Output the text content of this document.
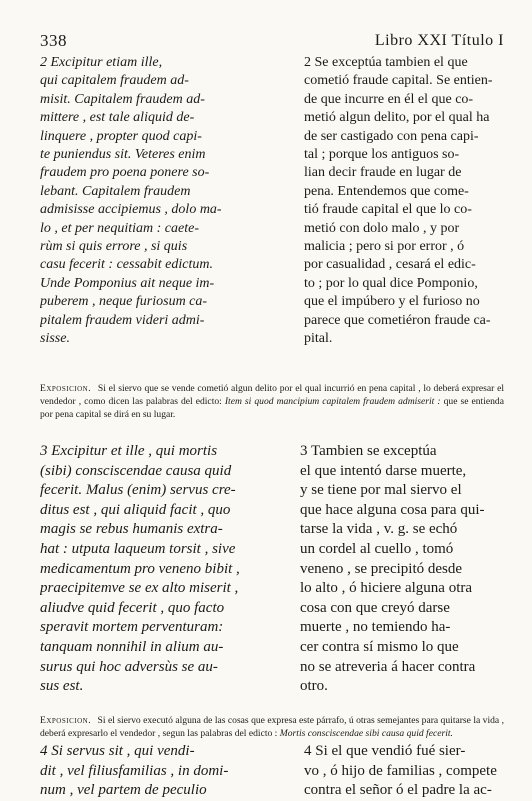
338	Libro XXI Título I

2 Excipitur etiam ille,
qui capitalem fraudem ad-
misit. Capitalem fraudem ad-
mittere , est tale aliquid de-
linquere , propter quod capi-
te puniendus sit. Veteres enim
fraudem pro poena ponere so-
lebant. Capitalem fraudem
admisisse accipiemus , dolo ma-
lo , et per nequitiam : caete-
rùm si quis errore , si quis
casu fecerit : cessabit edictum.
Unde Pomponius ait neque im-
puberem , neque furiosum ca-
pitalem fraudem videri admi-
sisse.

2 Se exceptúa tambien el que
cometió fraude capital. Se entien-
de que incurre en él el que co-
metió algun delito, por el qual ha
de ser castigado con pena capi-
tal ; porque los antiguos so-
lian decir fraude en lugar de
pena. Entendemos que come-
tió fraude capital el que lo co-
metió con dolo malo , y por
malicia ; pero si por error , ó
por casualidad , cesará el edic-
to ; por lo qual dice Pomponio,
que el impúbero y el furioso no
parece que cometiéron fraude ca-
pital.

Exposicion. Si el siervo que se vende cometió algun delito por el qual incurrió en pena capital , lo deberá expresar el vendedor , como dicen las palabras del edicto: Item si quod mancipium capitalem fraudem admiserit : que se entienda por pena capital se dirá en su lugar.

3 Excipitur et ille , qui mortis
(sibi) consciscendae causa quid
fecerit. Malus (enim) servus cre-
ditus est , qui aliquid facit , quo
magis se rebus humanis extra-
hat : utputa laqueum torsit , sive
medicamentum pro veneno bibit ,
praecipitemve se ex alto miserit ,
aliudve quid fecerit , quo facto
speravit mortem perventuram:
tanquam nonnihil in alium au-
surus qui hoc adversùs se au-
sus est.

3 Tambien se exceptúa
el que intentó darse muerte,
y se tiene por mal siervo el
que hace alguna cosa para qui-
tarse la vida , v. g. se echó
un cordel al cuello , tomó
veneno , se precipitó desde
lo alto , ó hiciere alguna otra
cosa con que creyó darse
muerte , no temiendo ha-
cer contra sí mismo lo que
no se atreveria á hacer contra
otro.

Exposicion. Si el siervo executó alguna de las cosas que expresa este párrafo, ú otras semejantes para quitarse la vida , deberá expresarlo el vendedor , segun las palabras del edicto : Mortis consciscendae sibi causa quid fecerit.

4 Si servus sit , qui vendi-
dit , vel filiusfamilias , in domi-
num , vel partem de peculio

4 Si el que vendió fué sier-
vo , ó hijo de familias , compete
contra el señor ó el padre la ac-
